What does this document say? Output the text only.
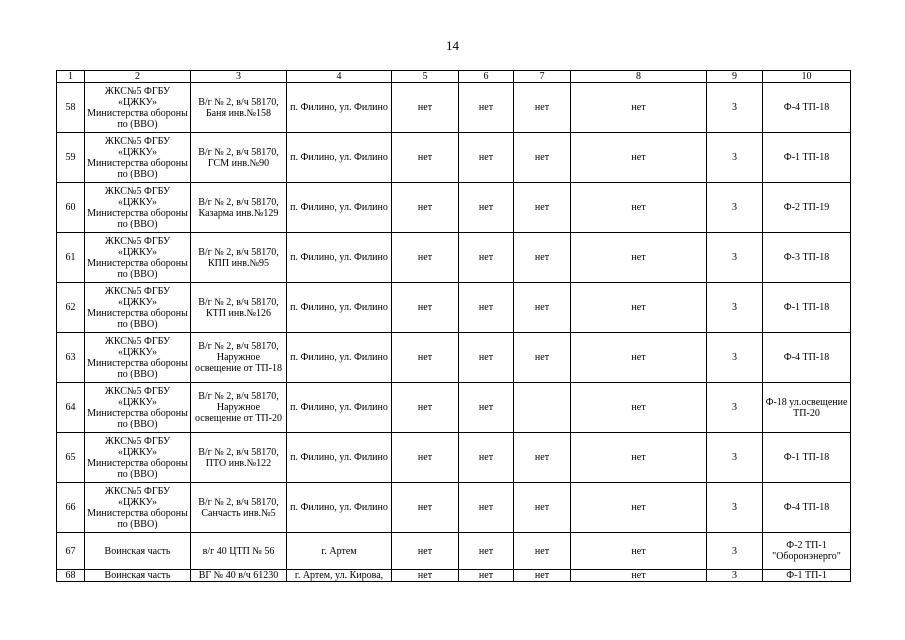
14
1	2	3	4	5	6	7	8	9	10
58	ЖКС№5 ФГБУ «ЦЖКУ» Министерства обороны по (ВВО)	В/г № 2, в/ч 58170, Баня инв.№158	п. Филино, ул. Филино	нет	нет	нет	нет	3	Ф-4 ТП-18
59	ЖКС№5 ФГБУ «ЦЖКУ» Министерства обороны по (ВВО)	В/г № 2, в/ч 58170, ГСМ инв.№90	п. Филино, ул. Филино	нет	нет	нет	нет	3	Ф-1 ТП-18
60	ЖКС№5 ФГБУ «ЦЖКУ» Министерства обороны по (ВВО)	В/г № 2, в/ч 58170, Казарма инв.№129	п. Филино, ул. Филино	нет	нет	нет	нет	3	Ф-2 ТП-19
61	ЖКС№5 ФГБУ «ЦЖКУ» Министерства обороны по (ВВО)	В/г № 2, в/ч 58170, КПП инв.№95	п. Филино, ул. Филино	нет	нет	нет	нет	3	Ф-3 ТП-18
62	ЖКС№5 ФГБУ «ЦЖКУ» Министерства обороны по (ВВО)	В/г № 2, в/ч 58170, КТП инв.№126	п. Филино, ул. Филино	нет	нет	нет	нет	3	Ф-1 ТП-18
63	ЖКС№5 ФГБУ «ЦЖКУ» Министерства обороны по (ВВО)	В/г № 2, в/ч 58170, Наружное освещение от ТП-18	п. Филино, ул. Филино	нет	нет	нет	нет	3	Ф-4 ТП-18
64	ЖКС№5 ФГБУ «ЦЖКУ» Министерства обороны по (ВВО)	В/г № 2, в/ч 58170, Наружное освещение от ТП-20	п. Филино, ул. Филино	нет	нет		нет	3	Ф-18 ул.освещение ТП-20
65	ЖКС№5 ФГБУ «ЦЖКУ» Министерства обороны по (ВВО)	В/г № 2, в/ч 58170, ПТО инв.№122	п. Филино, ул. Филино	нет	нет	нет	нет	3	Ф-1 ТП-18
66	ЖКС№5 ФГБУ «ЦЖКУ» Министерства обороны по (ВВО)	В/г № 2, в/ч 58170, Санчасть инв.№5	п. Филино, ул. Филино	нет	нет	нет	нет	3	Ф-4 ТП-18
67	Воинская часть	в/г 40 ЦТП № 56	г. Артем	нет	нет	нет	нет	3	Ф-2 ТП-1 "Оборонэнерго"
68	Воинская часть	ВГ № 40 в/ч 61230	г. Артем, ул. Кирова,	нет	нет	нет	нет	3	Ф-1 ТП-1
